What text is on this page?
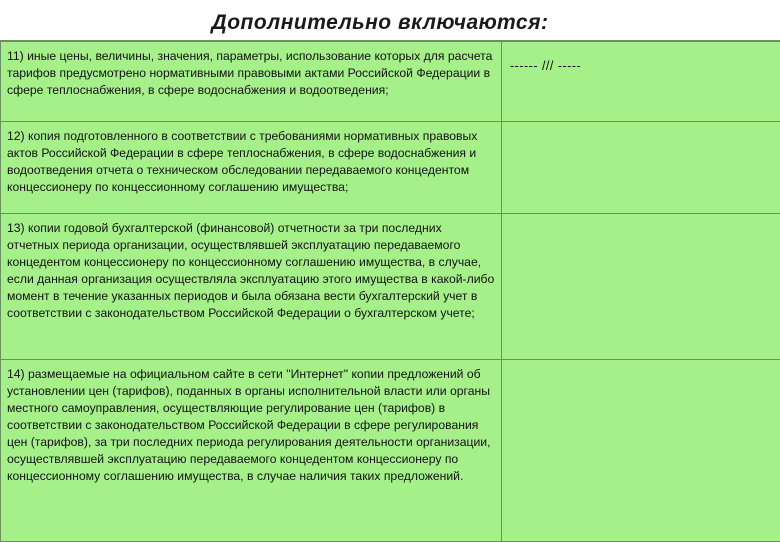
Дополнительно включаются:
11) иные цены, величины, значения, параметры, использование которых для расчета тарифов предусмотрено нормативными правовыми актами Российской Федерации в сфере теплоснабжения, в сфере водоснабжения и водоотведения;	------ /// -----

12) копия подготовленного в соответствии с требованиями нормативных правовых актов Российской Федерации в сфере теплоснабжения, в сфере водоснабжения и водоотведения отчета о техническом обследовании передаваемого концедентом концессионеру по концессионному соглашению имущества;	
13) копии годовой бухгалтерской (финансовой) отчетности за три последних отчетных периода организации, осуществлявшей эксплуатацию передаваемого концедентом концессионеру по концессионному соглашению имущества, в случае, если данная организация осуществляла эксплуатацию этого имущества в какой-либо момент в течение указанных периодов и была обязана вести бухгалтерский учет в соответствии с законодательством Российской Федерации о бухгалтерском учете;	
14) размещаемые на официальном сайте в сети "Интернет" копии предложений об установлении цен (тарифов), поданных в органы исполнительной власти или органы местного самоуправления, осуществляющие регулирование цен (тарифов) в соответствии с законодательством Российской Федерации в сфере регулирования цен (тарифов), за три последних периода регулирования деятельности организации, осуществлявшей эксплуатацию передаваемого концедентом концессионеру по концессионному соглашению имущества, в случае наличия таких предложений.	
